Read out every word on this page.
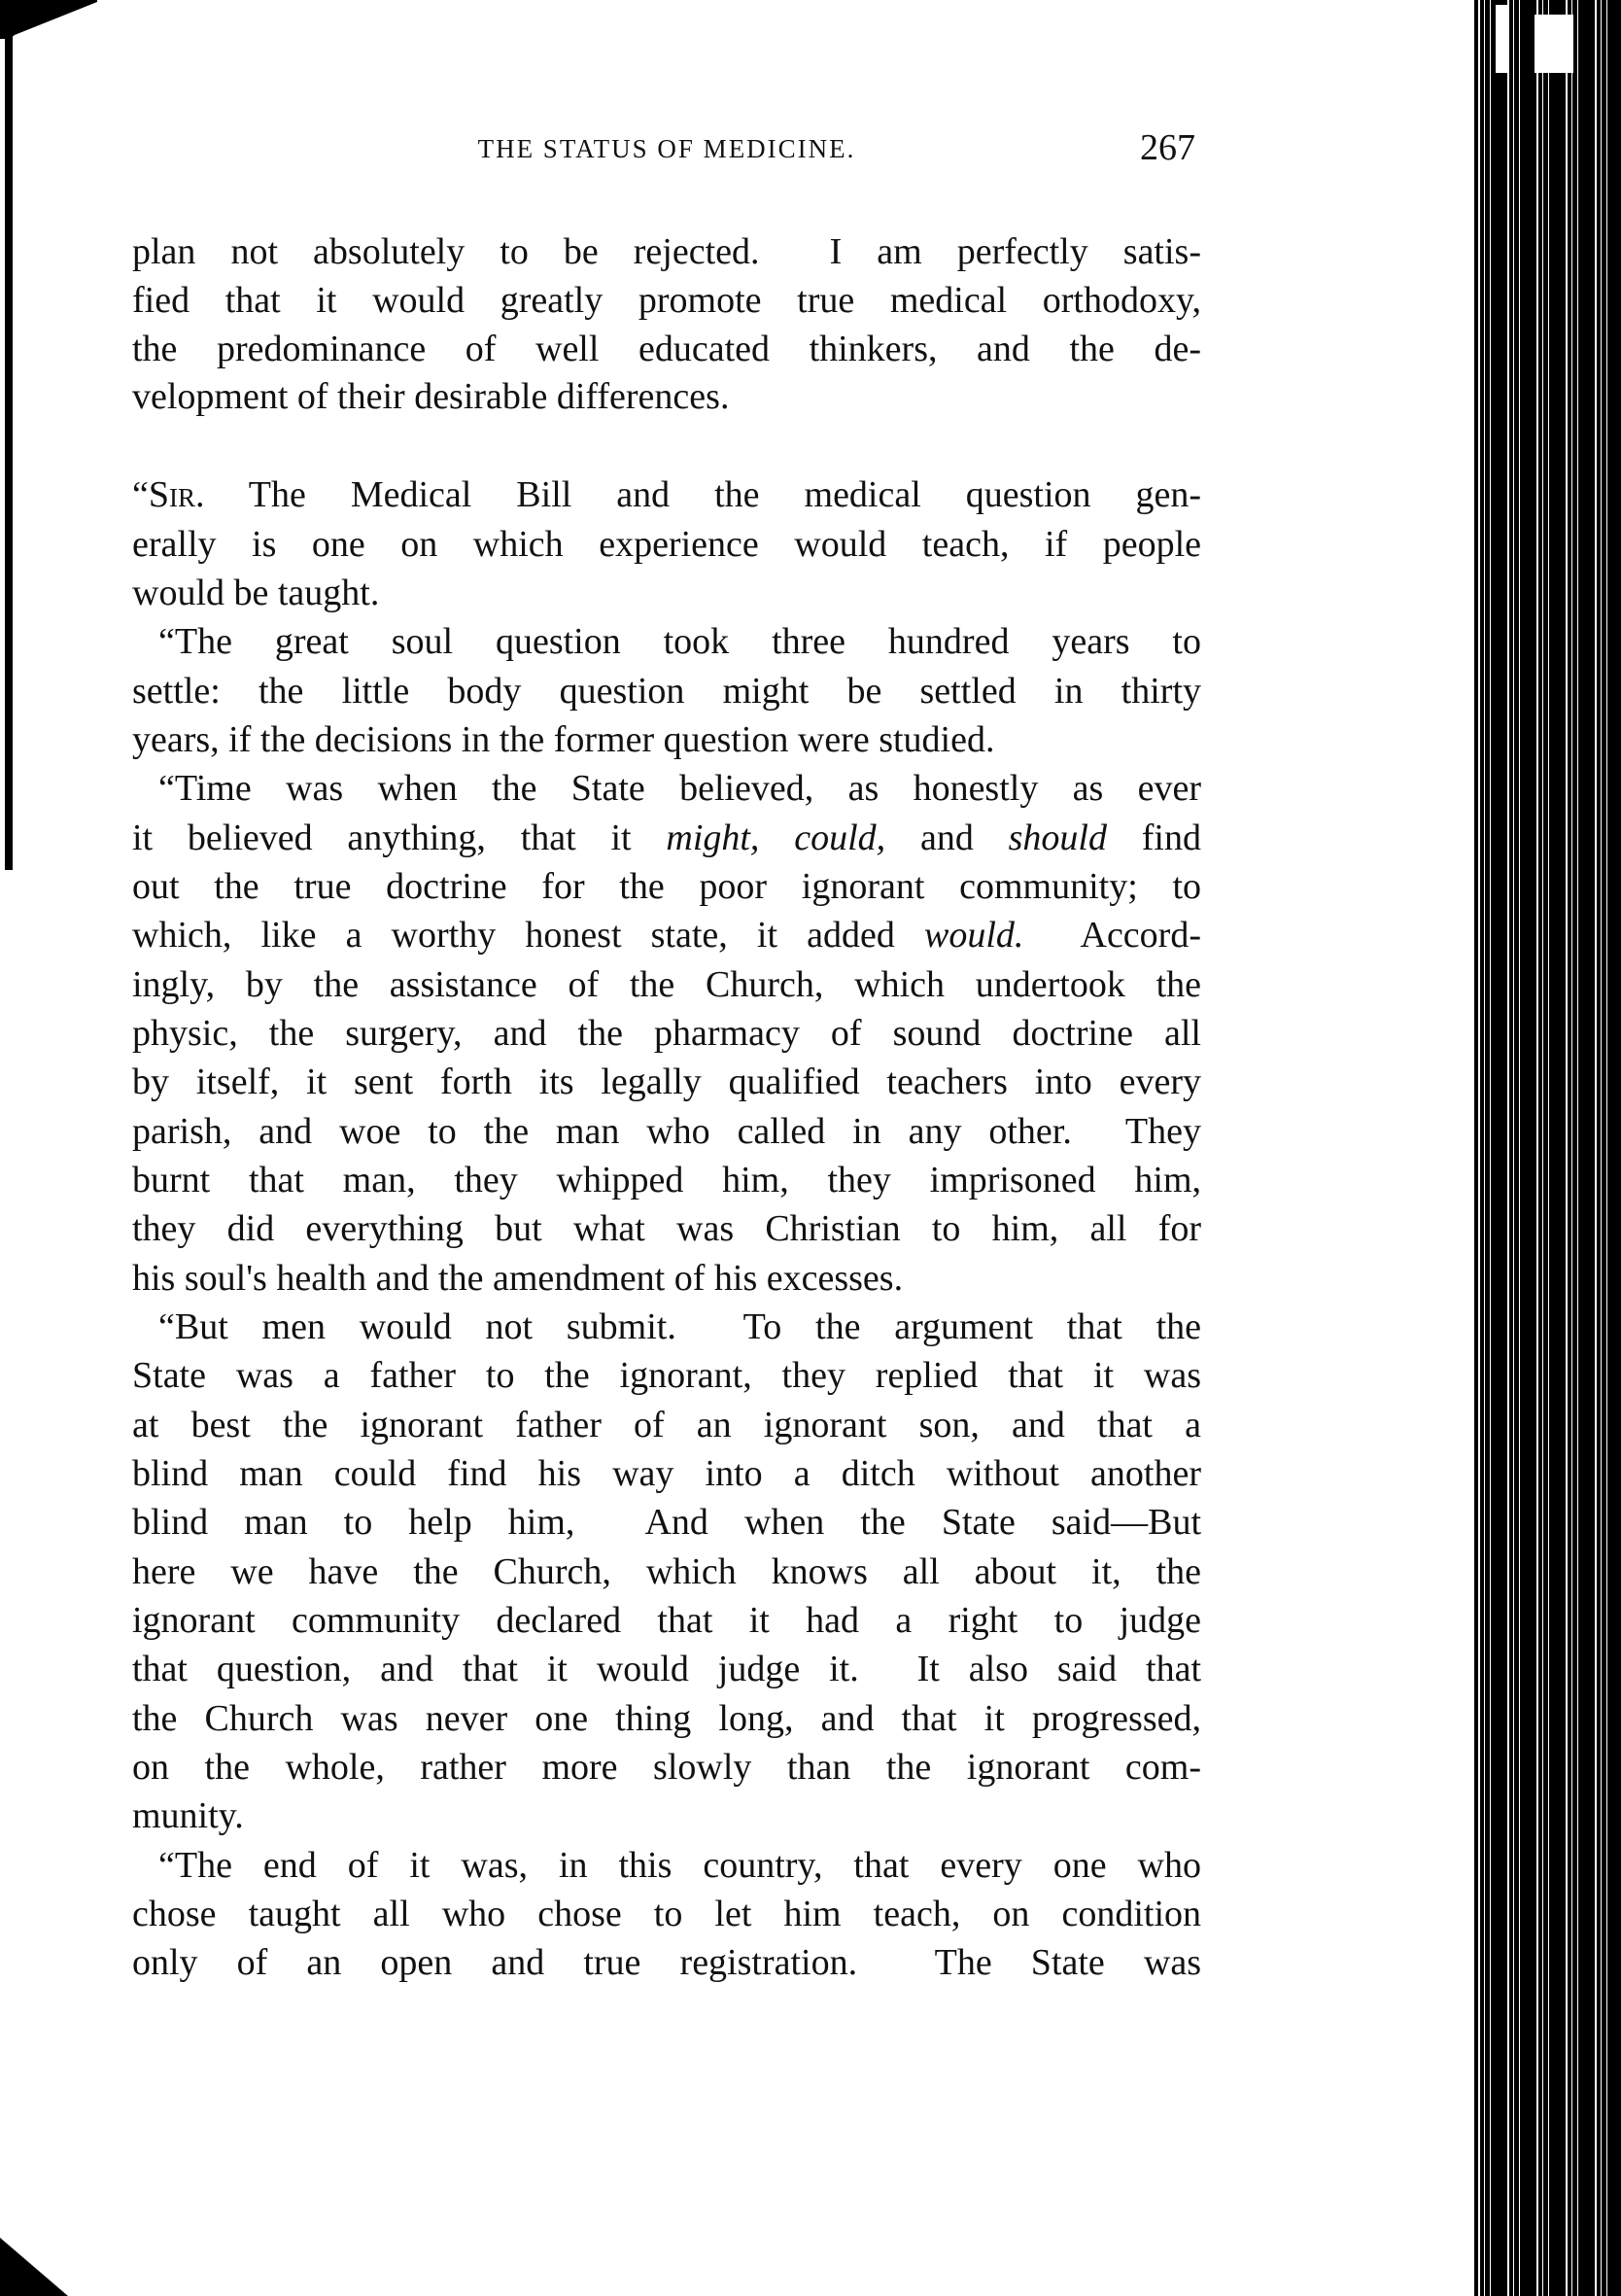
THE STATUS OF MEDICINE.	267
plan not absolutely to be rejected.  I am perfectly satis-
fied that it would greatly promote true medical orthodoxy,
the predominance of well educated thinkers, and the de-
velopment of their desirable differences.
“Sir. The Medical Bill and the medical question gen-
erally is one on which experience would teach, if people
would be taught.
“The great soul question took three hundred years to
settle: the little body question might be settled in thirty
years, if the decisions in the former question were studied.
“Time was when the State believed, as honestly as ever
it believed anything, that it might, could, and should find
out the true doctrine for the poor ignorant community; to
which, like a worthy honest state, it added would.  Accord-
ingly, by the assistance of the Church, which undertook the
physic, the surgery, and the pharmacy of sound doctrine all
by itself, it sent forth its legally qualified teachers into every
parish, and woe to the man who called in any other.  They
burnt that man, they whipped him, they imprisoned him,
they did everything but what was Christian to him, all for
his soul's health and the amendment of his excesses.
“But men would not submit.  To the argument that the
State was a father to the ignorant, they replied that it was
at best the ignorant father of an ignorant son, and that a
blind man could find his way into a ditch without another
blind man to help him,  And when the State said—But
here we have the Church, which knows all about it, the
ignorant community declared that it had a right to judge
that question, and that it would judge it.  It also said that
the Church was never one thing long, and that it progressed,
on the whole, rather more slowly than the ignorant com-
munity.
“The end of it was, in this country, that every one who
chose taught all who chose to let him teach, on condition
only of an open and true registration.  The State was
